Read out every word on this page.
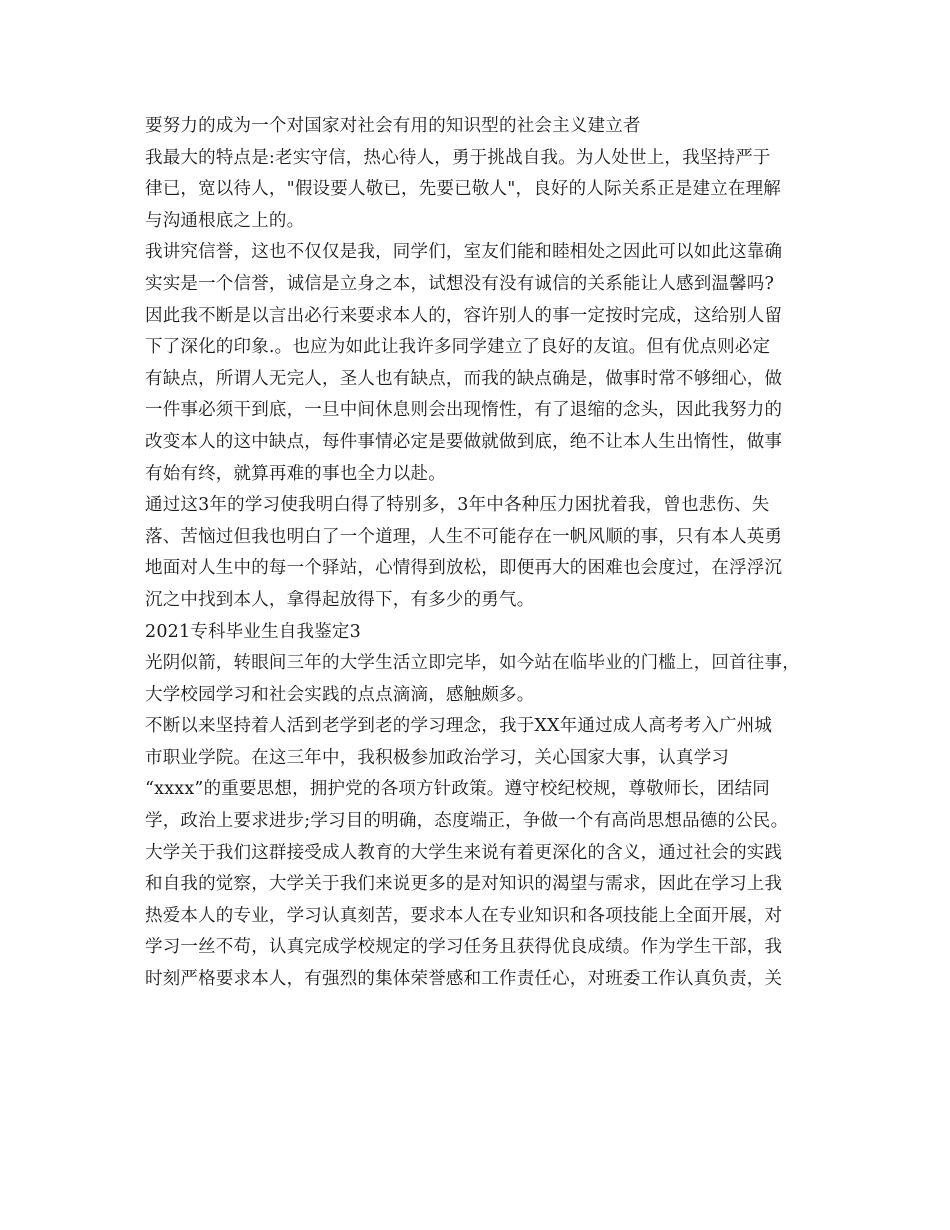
要努力的成为一个对国家对社会有用的知识型的社会主义建立者
我最大的特点是:老实守信，热心待人，勇于挑战自我。为人处世上，我坚持严于
律已，宽以待人，"假设要人敬已，先要已敬人"，良好的人际关系正是建立在理解
与沟通根底之上的。
我讲究信誉，这也不仅仅是我，同学们，室友们能和睦相处之因此可以如此这靠确
实实是一个信誉，诚信是立身之本，试想没有没有诚信的关系能让人感到温馨吗?
因此我不断是以言出必行来要求本人的，容许别人的事一定按时完成，这给别人留
下了深化的印象.。也应为如此让我许多同学建立了良好的友谊。但有优点则必定
有缺点，所谓人无完人，圣人也有缺点，而我的缺点确是，做事时常不够细心，做
一件事必须干到底，一旦中间休息则会出现惰性，有了退缩的念头，因此我努力的
改变本人的这中缺点，每件事情必定是要做就做到底，绝不让本人生出惰性，做事
有始有终，就算再难的事也全力以赴。
通过这3年的学习使我明白得了特别多，3年中各种压力困扰着我，曾也悲伤、失
落、苦恼过但我也明白了一个道理，人生不可能存在一帆风顺的事，只有本人英勇
地面对人生中的每一个驿站，心情得到放松，即便再大的困难也会度过，在浮浮沉
沉之中找到本人，拿得起放得下，有多少的勇气。
2021专科毕业生自我鉴定3
光阴似箭，转眼间三年的大学生活立即完毕，如今站在临毕业的门槛上，回首往事，
大学校园学习和社会实践的点点滴滴，感触颇多。
不断以来坚持着人活到老学到老的学习理念，我于XX年通过成人高考考入广州城
市职业学院。在这三年中，我积极参加政治学习，关心国家大事，认真学习
“xxxx”的重要思想，拥护党的各项方针政策。遵守校纪校规，尊敬师长，团结同
学，政治上要求进步;学习目的明确，态度端正，争做一个有高尚思想品德的公民。
大学关于我们这群接受成人教育的大学生来说有着更深化的含义，通过社会的实践
和自我的觉察，大学关于我们来说更多的是对知识的渴望与需求，因此在学习上我
热爱本人的专业，学习认真刻苦，要求本人在专业知识和各项技能上全面开展，对
学习一丝不苟，认真完成学校规定的学习任务且获得优良成绩。作为学生干部，我
时刻严格要求本人，有强烈的集体荣誉感和工作责任心，对班委工作认真负责，关
